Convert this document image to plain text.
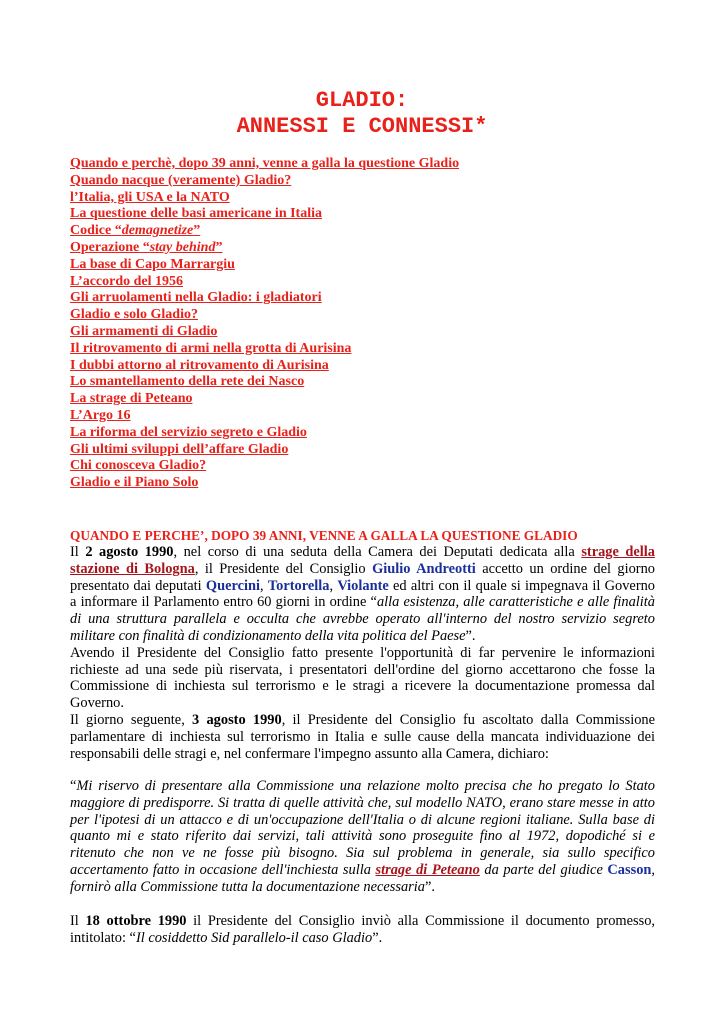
GLADIO:
ANNESSI E CONNESSI*
Quando e perchè, dopo 39 anni, venne a galla la questione Gladio
Quando nacque (veramente) Gladio?
l’Italia, gli USA e la NATO
La questione delle basi americane in Italia
Codice “demagnetize”
Operazione “stay behind”
La base di Capo Marrargiu
L’accordo del 1956
Gli arruolamenti nella Gladio: i gladiatori
Gladio e solo Gladio?
Gli armamenti di Gladio
Il ritrovamento di armi nella grotta di Aurisina
I dubbi attorno al ritrovamento di Aurisina
Lo smantellamento della rete dei Nasco
La strage di Peteano
L’Argo 16
La riforma del servizio segreto e Gladio
Gli ultimi sviluppi dell’affare Gladio
Chi conosceva Gladio?
Gladio e il Piano Solo
QUANDO E PERCHE’, DOPO 39 ANNI, VENNE A GALLA LA QUESTIONE GLADIO

Il 2 agosto 1990, nel corso di una seduta della Camera dei Deputati dedicata alla strage della stazione di Bologna, il Presidente del Consiglio Giulio Andreotti accetto un ordine del giorno presentato dai deputati Quercini, Tortorella, Violante ed altri con il quale si impegnava il Governo a informare il Parlamento entro 60 giorni in ordine “alla esistenza, alle caratteristiche e alle finalità di una struttura parallela e occulta che avrebbe operato all'interno del nostro servizio segreto militare con finalità di condizionamento della vita politica del Paese”.

Avendo il Presidente del Consiglio fatto presente l'opportunità di far pervenire le informazioni richieste ad una sede più riservata, i presentatori dell'ordine del giorno accettarono che fosse la Commissione di inchiesta sul terrorismo e le stragi a ricevere la documentazione promessa dal Governo.

Il giorno seguente, 3 agosto 1990, il Presidente del Consiglio fu ascoltato dalla Commissione parlamentare di inchiesta sul terrorismo in Italia e sulle cause della mancata individuazione dei responsabili delle stragi e, nel confermare l'impegno assunto alla Camera, dichiaro:

“Mi riservo di presentare alla Commissione una relazione molto precisa che ho pregato lo Stato maggiore di predisporre. Si tratta di quelle attività che, sul modello NATO, erano stare messe in atto per l'ipotesi di un attacco e di un'occupazione dell'Italia o di alcune regioni italiane. Sulla base di quanto mi e stato riferito dai servizi, tali attività sono proseguite fino al 1972, dopodiché si e ritenuto che non ve ne fosse più bisogno. Sia sul problema in generale, sia sullo specifico accertamento fatto in occasione dell'inchiesta sulla strage di Peteano da parte del giudice Casson, fornirò alla Commissione tutta la documentazione necessaria”.

Il 18 ottobre 1990 il Presidente del Consiglio inviò alla Commissione il documento promesso, intitolato: “Il cosiddetto Sid parallelo-il caso Gladio”.
